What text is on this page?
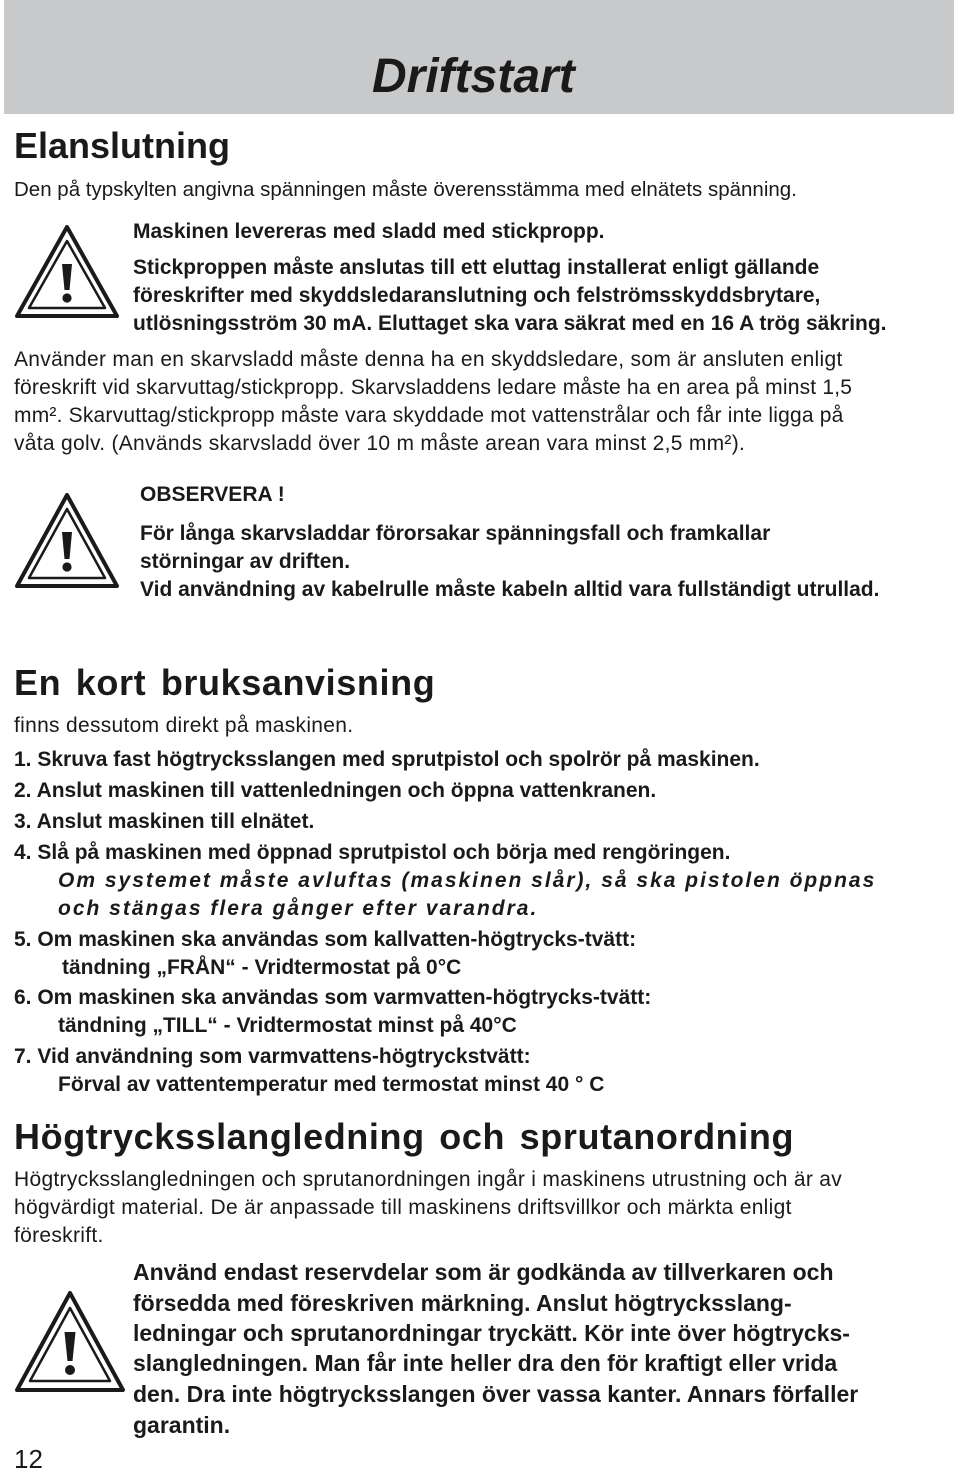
Driftstart
Elanslutning
Den på typskylten angivna spänningen måste överensstämma med elnätets spänning.
Maskinen levereras med sladd med stickpropp.
Stickproppen måste anslutas till ett eluttag installerat enligt gällande
föreskrifter med skyddsledaranslutning och felströmsskyddsbrytare,
utlösningsström 30 mA. Eluttaget ska vara säkrat med en 16 A trög säkring.
Använder man en skarvsladd måste denna ha en skyddsledare, som är ansluten enligt
föreskrift vid skarvuttag/stickpropp. Skarvsladdens ledare måste ha en area på minst 1,5
mm². Skarvuttag/stickpropp måste vara skyddade mot vattenstrålar och får inte ligga på
våta golv. (Används skarvsladd över 10 m måste arean vara minst 2,5 mm²).
OBSERVERA !
För långa skarvsladdar förorsakar spänningsfall och framkallar
störningar av driften.
Vid användning av kabelrulle måste kabeln alltid vara fullständigt utrullad.
En kort bruksanvisning
finns dessutom direkt på maskinen.
1. Skruva fast högtrycksslangen med sprutpistol och spolrör på maskinen.
2. Anslut maskinen till vattenledningen och öppna vattenkranen.
3. Anslut maskinen till elnätet.
4. Slå på maskinen med öppnad sprutpistol och börja med rengöringen.
Om systemet måste avluftas (maskinen slår), så ska pistolen öppnas
och stängas flera gånger efter varandra.
5. Om maskinen ska användas som kallvatten-högtrycks-tvätt:
tändning „FRÅN“ - Vridtermostat på 0°C
6. Om maskinen ska användas som varmvatten-högtrycks-tvätt:
tändning „TILL“ - Vridtermostat minst på 40°C
7. Vid användning som varmvattens-högtryckstvätt:
Förval av vattentemperatur med termostat minst 40 ° C
Högtrycksslangledning och sprutanordning
Högtrycksslangledningen och sprutanordningen ingår i maskinens utrustning och är av
högvärdigt material. De är anpassade till maskinens driftsvillkor och märkta enligt
föreskrift.
Använd endast reservdelar som är godkända av tillverkaren och
försedda med föreskriven märkning. Anslut högtrycksslang-
ledningar och sprutanordningar tryckätt. Kör inte över högtrycks-
slangledningen. Man får inte heller dra den för kraftigt eller vrida
den. Dra inte högtrycksslangen över vassa kanter. Annars förfaller
garantin.
12
